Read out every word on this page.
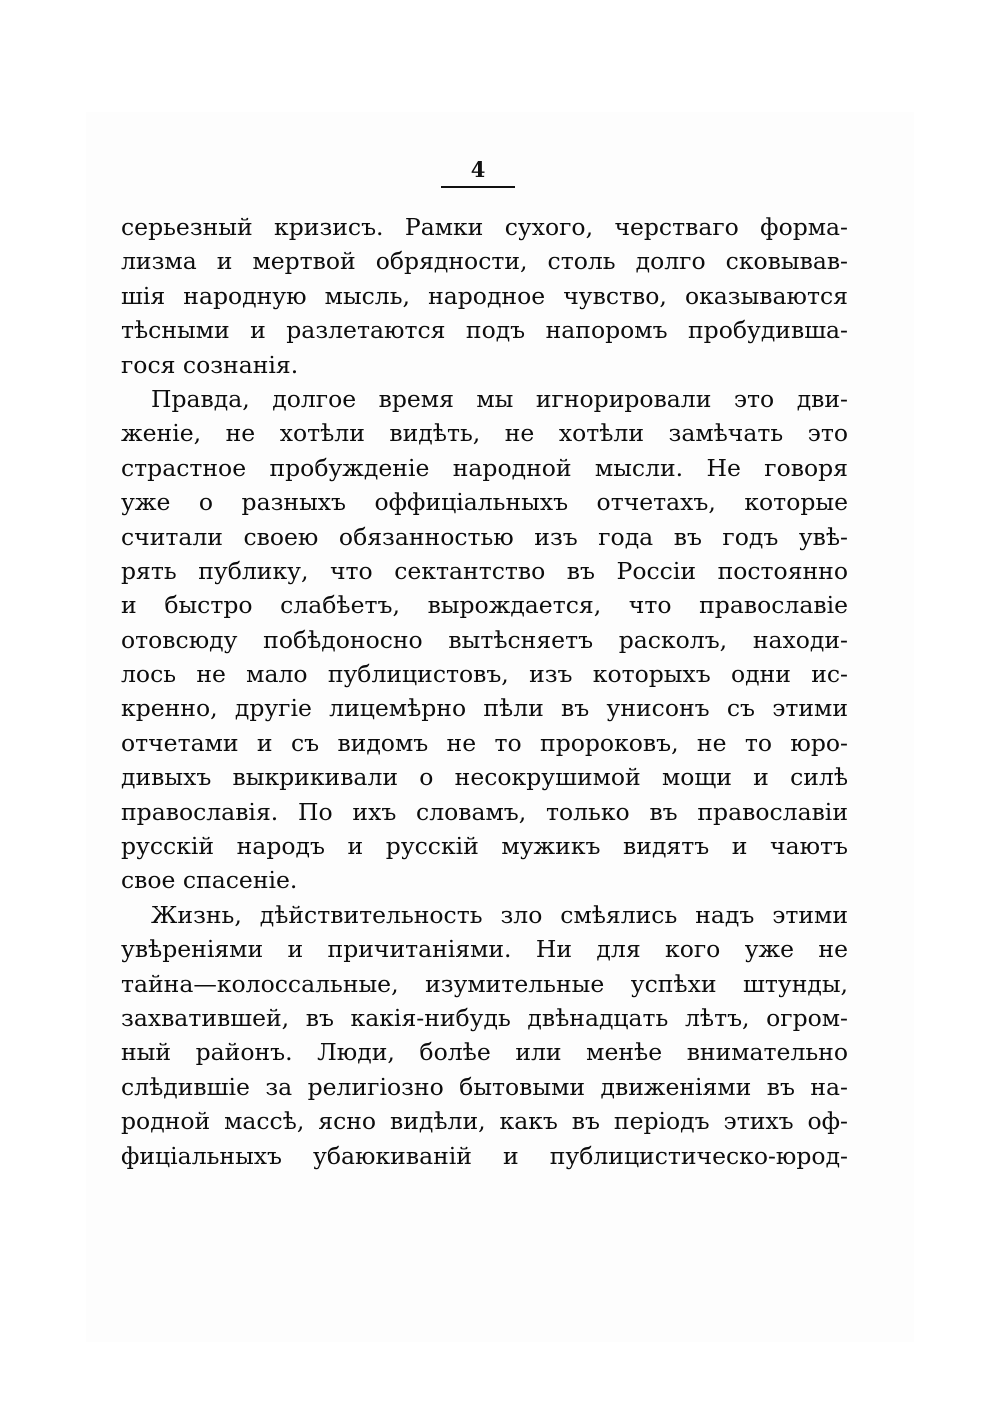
4
серьезный кризисъ. Рамки сухого, черстваго форма-
лизма и мертвой обрядности, столь долго сковывав-
шія народную мысль, народное чувство, оказываются
тѣсными и разлетаются подъ напоромъ пробудивша-
гося сознанія.
Правда, долгое время мы игнорировали это дви-
женіе, не хотѣли видѣть, не хотѣли замѣчать это
страстное пробужденіе народной мысли. Не говоря
уже о разныхъ оффиціальныхъ отчетахъ, которые
считали своею обязанностью изъ года въ годъ увѣ-
рять публику, что сектантство въ Россіи постоянно
и быстро слабѣетъ, вырождается, что православіе
отовсюду побѣдоносно вытѣсняетъ расколъ, находи-
лось не мало публицистовъ, изъ которыхъ одни ис-
кренно, другіе лицемѣрно пѣли въ унисонъ съ этими
отчетами и съ видомъ не то пророковъ, не то юро-
дивыхъ выкрикивали о несокрушимой мощи и силѣ
православія. По ихъ словамъ, только въ православіи
русскій народъ и русскій мужикъ видятъ и чаютъ
свое спасеніе.
Жизнь, дѣйствительность зло смѣялись надъ этими
увѣреніями и причитаніями. Ни для кого уже не
тайна—колоссальные, изумительные успѣхи штунды,
захватившей, въ какія-нибудь двѣнадцать лѣтъ, огром-
ный районъ. Люди, болѣе или менѣе внимательно
слѣдившіе за религіозно бытовыми движеніями въ на-
родной массѣ, ясно видѣли, какъ въ періодъ этихъ оф-
фиціальныхъ убаюкиваній и публицистическо-юрод-
